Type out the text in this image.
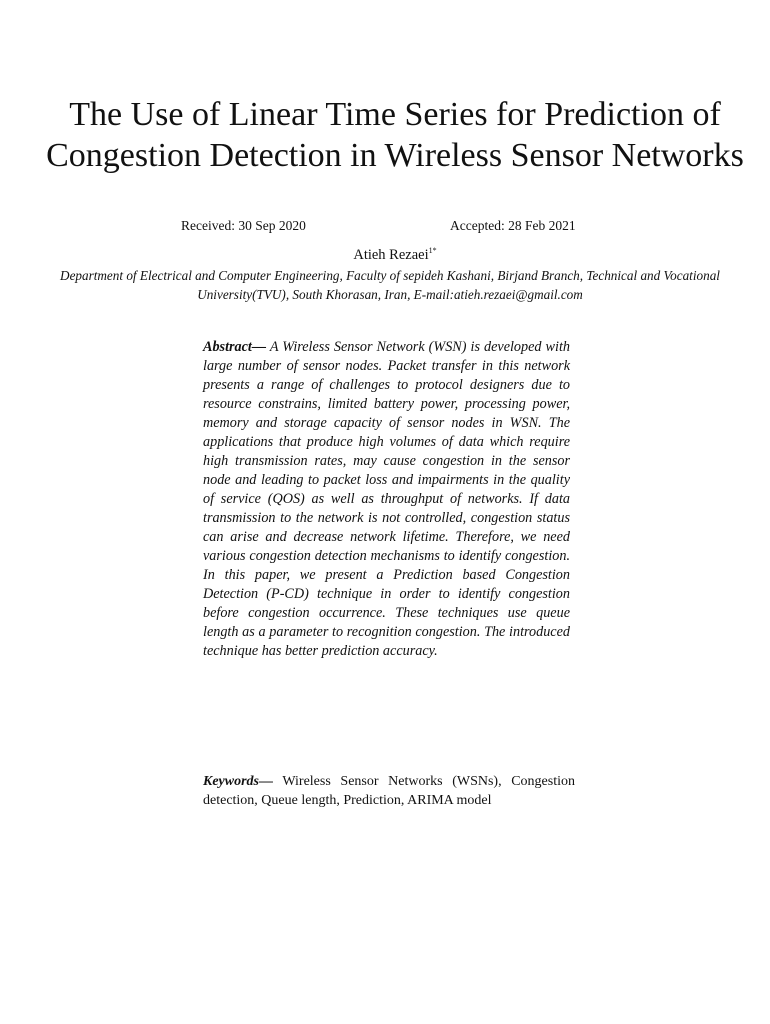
The Use of Linear Time Series for Prediction of Congestion Detection in Wireless Sensor Networks
Received: 30 Sep 2020	Accepted: 28 Feb 2021
Atieh Rezaei$^{1*}$

Department of Electrical and Computer Engineering, Faculty of sepideh Kashani, Birjand Branch, Technical and Vocational University(TVU), South Khorasan, Iran, E-mail:atieh.rezaei@gmail.com

Abstract— A Wireless Sensor Network (WSN) is developed with large number of sensor nodes. Packet transfer in this network presents a range of challenges to protocol designers due to resource constrains, limited battery power, processing power, memory and storage capacity of sensor nodes in WSN. The applications that produce high volumes of data which require high transmission rates, may cause congestion in the sensor node and leading to packet loss and impairments in the quality of service (QOS) as well as throughput of networks. If data transmission to the network is not controlled, congestion status can arise and decrease network lifetime. Therefore, we need various congestion detection mechanisms to identify congestion. In this paper, we present a Prediction based Congestion Detection (P-CD) technique in order to identify congestion before congestion occurrence. These techniques use queue length as a parameter to recognition congestion. The introduced technique has better prediction accuracy.

Keywords— Wireless Sensor Networks (WSNs), Congestion detection, Queue length, Prediction, ARIMA model
